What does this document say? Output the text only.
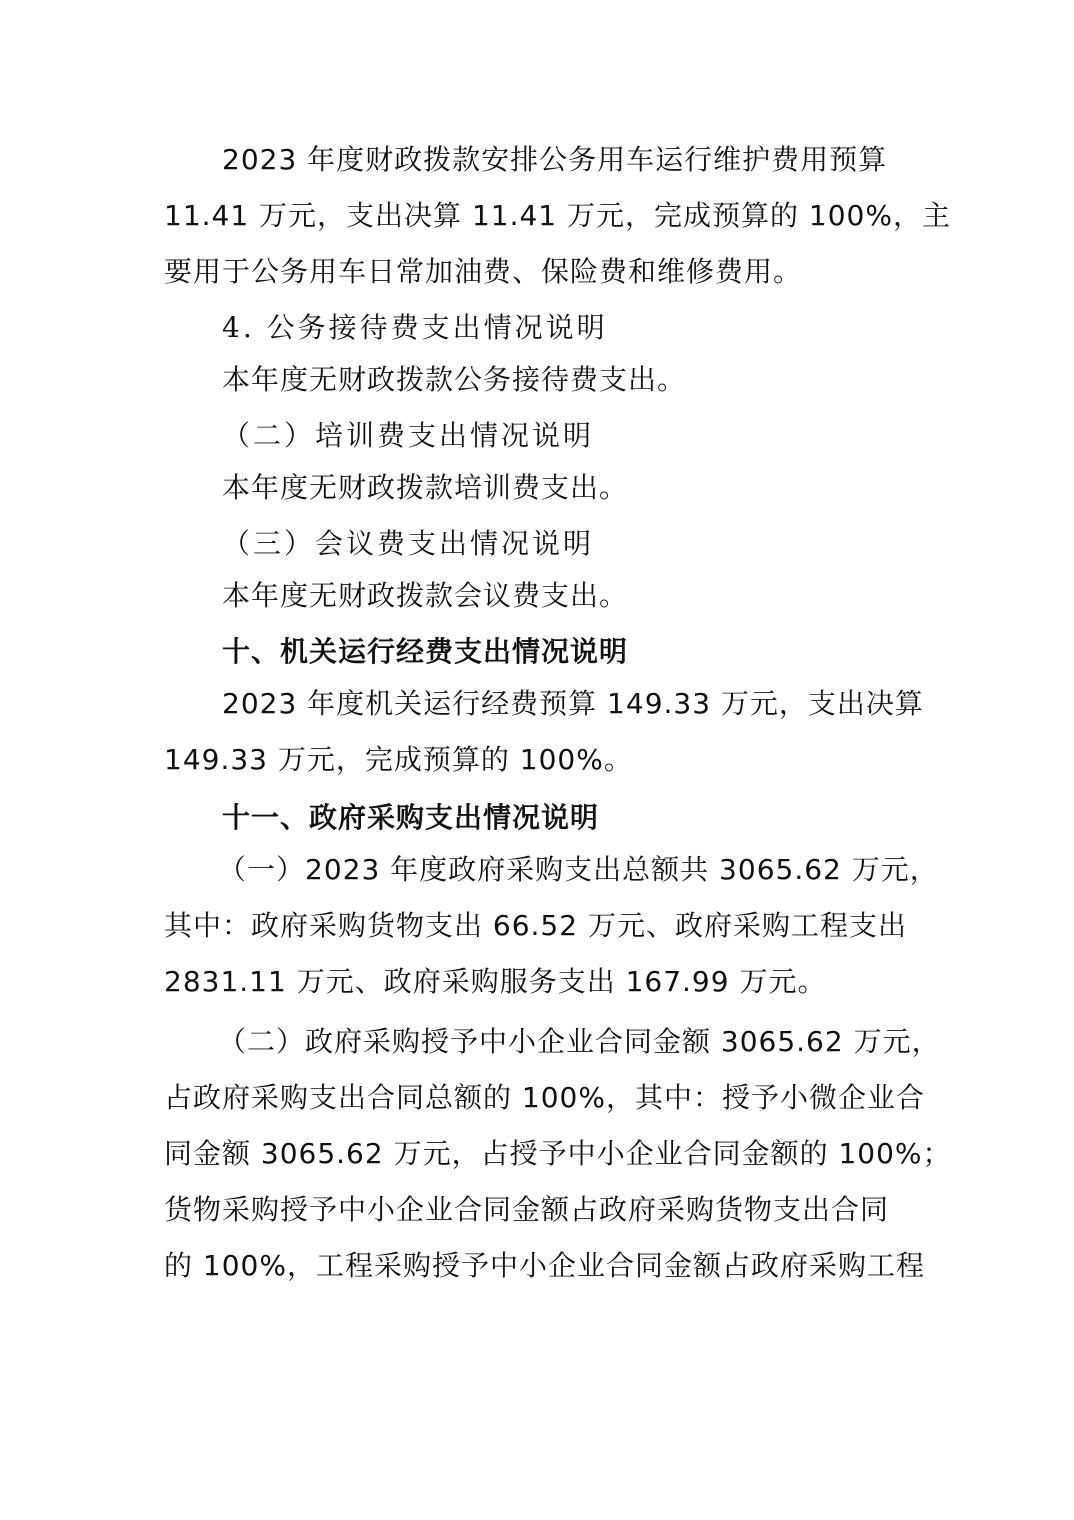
2023 年度财政拨款安排公务用车运行维护费用预算
11.41 万元，支出决算 11.41 万元，完成预算的 100%，主
要用于公务用车日常加油费、保险费和维修费用。
4. 公务接待费支出情况说明
本年度无财政拨款公务接待费支出。
（二）培训费支出情况说明
本年度无财政拨款培训费支出。
（三）会议费支出情况说明
本年度无财政拨款会议费支出。
十、机关运行经费支出情况说明
2023 年度机关运行经费预算 149.33 万元，支出决算
149.33 万元，完成预算的 100%。
十一、政府采购支出情况说明
（一）2023 年度政府采购支出总额共 3065.62 万元，
其中：政府采购货物支出 66.52 万元、政府采购工程支出
2831.11 万元、政府采购服务支出 167.99 万元。
（二）政府采购授予中小企业合同金额 3065.62 万元，
占政府采购支出合同总额的 100%，其中：授予小微企业合
同金额 3065.62 万元，占授予中小企业合同金额的 100%；
货物采购授予中小企业合同金额占政府采购货物支出合同
的 100%，工程采购授予中小企业合同金额占政府采购工程
